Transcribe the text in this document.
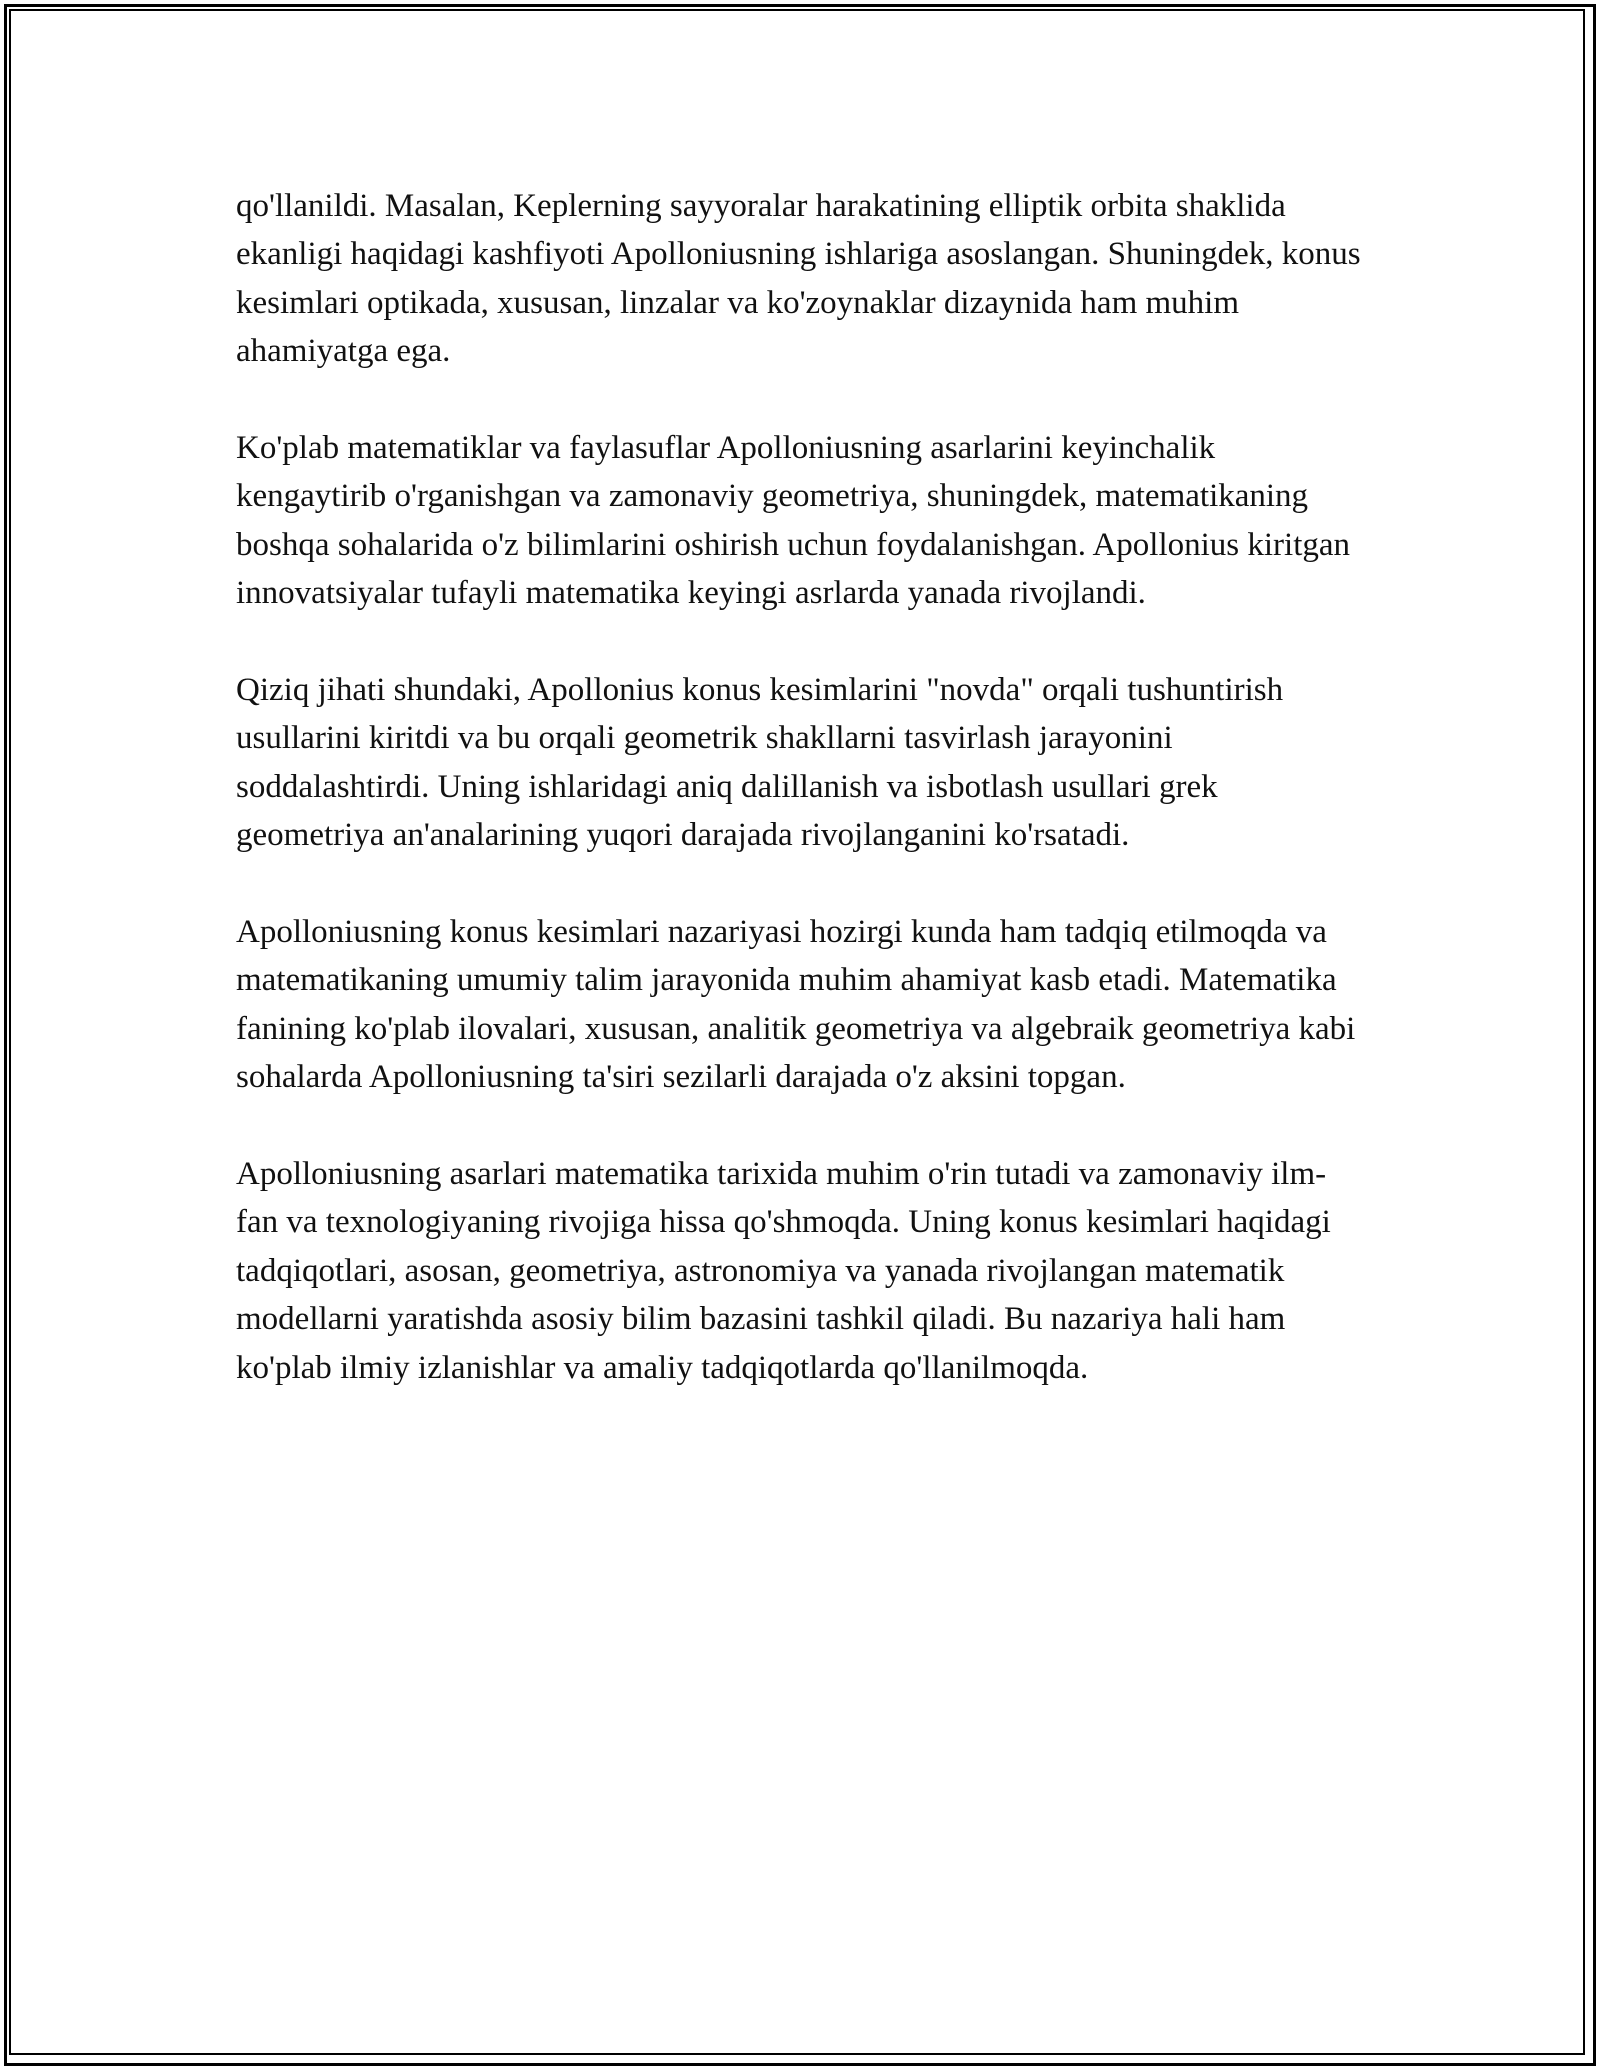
qo'llanildi. Masalan, Keplerning sayyoralar harakatining elliptik orbita shaklida ekanligi haqidagi kashfiyoti Apolloniusning ishlariga asoslangan. Shuningdek, konus kesimlari optikada, xususan, linzalar va ko'zoynaklar dizaynida ham muhim ahamiyatga ega.

Ko'plab matematiklar va faylasuflar Apolloniusning asarlarini keyinchalik kengaytirib o'rganishgan va zamonaviy geometriya, shuningdek, matematikaning boshqa sohalarida o'z bilimlarini oshirish uchun foydalanishgan. Apollonius kiritgan innovatsiyalar tufayli matematika keyingi asrlarda yanada rivojlandi.

Qiziq jihati shundaki, Apollonius konus kesimlarini "novda" orqali tushuntirish usullarini kiritdi va bu orqali geometrik shakllarni tasvirlash jarayonini soddalashtirdi. Uning ishlaridagi aniq dalillanish va isbotlash usullari grek geometriya an'analarining yuqori darajada rivojlanganini ko'rsatadi.

Apolloniusning konus kesimlari nazariyasi hozirgi kunda ham tadqiq etilmoqda va matematikaning umumiy talim jarayonida muhim ahamiyat kasb etadi. Matematika fanining ko'plab ilovalari, xususan, analitik geometriya va algebraik geometriya kabi sohalarda Apolloniusning ta'siri sezilarli darajada o'z aksini topgan.

Apolloniusning asarlari matematika tarixida muhim o'rin tutadi va zamonaviy ilm-fan va texnologiyaning rivojiga hissa qo'shmoqda. Uning konus kesimlari haqidagi tadqiqotlari, asosan, geometriya, astronomiya va yanada rivojlangan matematik modellarni yaratishda asosiy bilim bazasini tashkil qiladi. Bu nazariya hali ham ko'plab ilmiy izlanishlar va amaliy tadqiqotlarda qo'llanilmoqda.
